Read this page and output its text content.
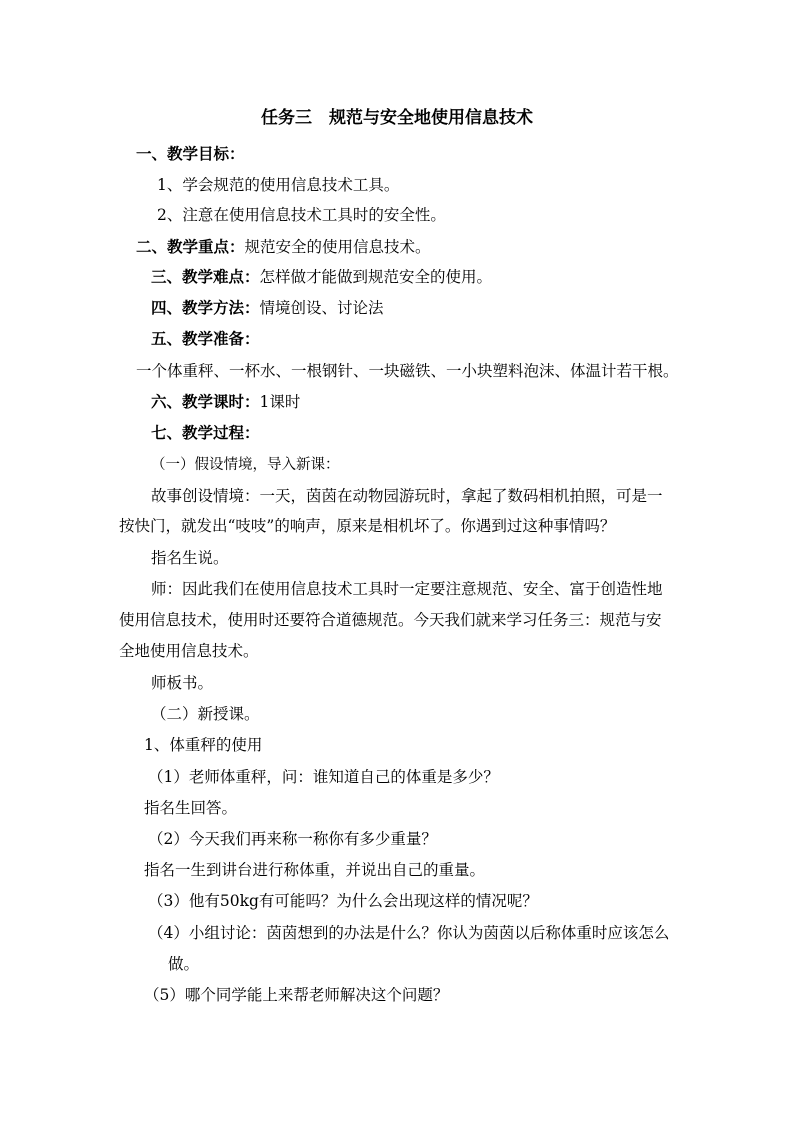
任务三　规范与安全地使用信息技术
一、教学目标：
1、学会规范的使用信息技术工具。
2、注意在使用信息技术工具时的安全性。
二、教学重点：规范安全的使用信息技术。
三、教学难点：怎样做才能做到规范安全的使用。
四、教学方法：情境创设、讨论法
五、教学准备：
一个体重秤、一杯水、一根钢针、一块磁铁、一小块塑料泡沫、体温计若干根。
六、教学课时：1课时
七、教学过程：
（一）假设情境，导入新课：
故事创设情境：一天，茵茵在动物园游玩时，拿起了数码相机拍照，可是一
按快门，就发出“吱吱”的响声，原来是相机坏了。你遇到过这种事情吗？
指名生说。
师：因此我们在使用信息技术工具时一定要注意规范、安全、富于创造性地
使用信息技术，使用时还要符合道德规范。今天我们就来学习任务三：规范与安
全地使用信息技术。
师板书。
（二）新授课。
1、体重秤的使用
（1）老师体重秤，问：谁知道自己的体重是多少？
指名生回答。
（2）今天我们再来称一称你有多少重量？
指名一生到讲台进行称体重，并说出自己的重量。
（3）他有50kg有可能吗？为什么会出现这样的情况呢？
（4）小组讨论：茵茵想到的办法是什么？你认为茵茵以后称体重时应该怎么
做。
（5）哪个同学能上来帮老师解决这个问题？
